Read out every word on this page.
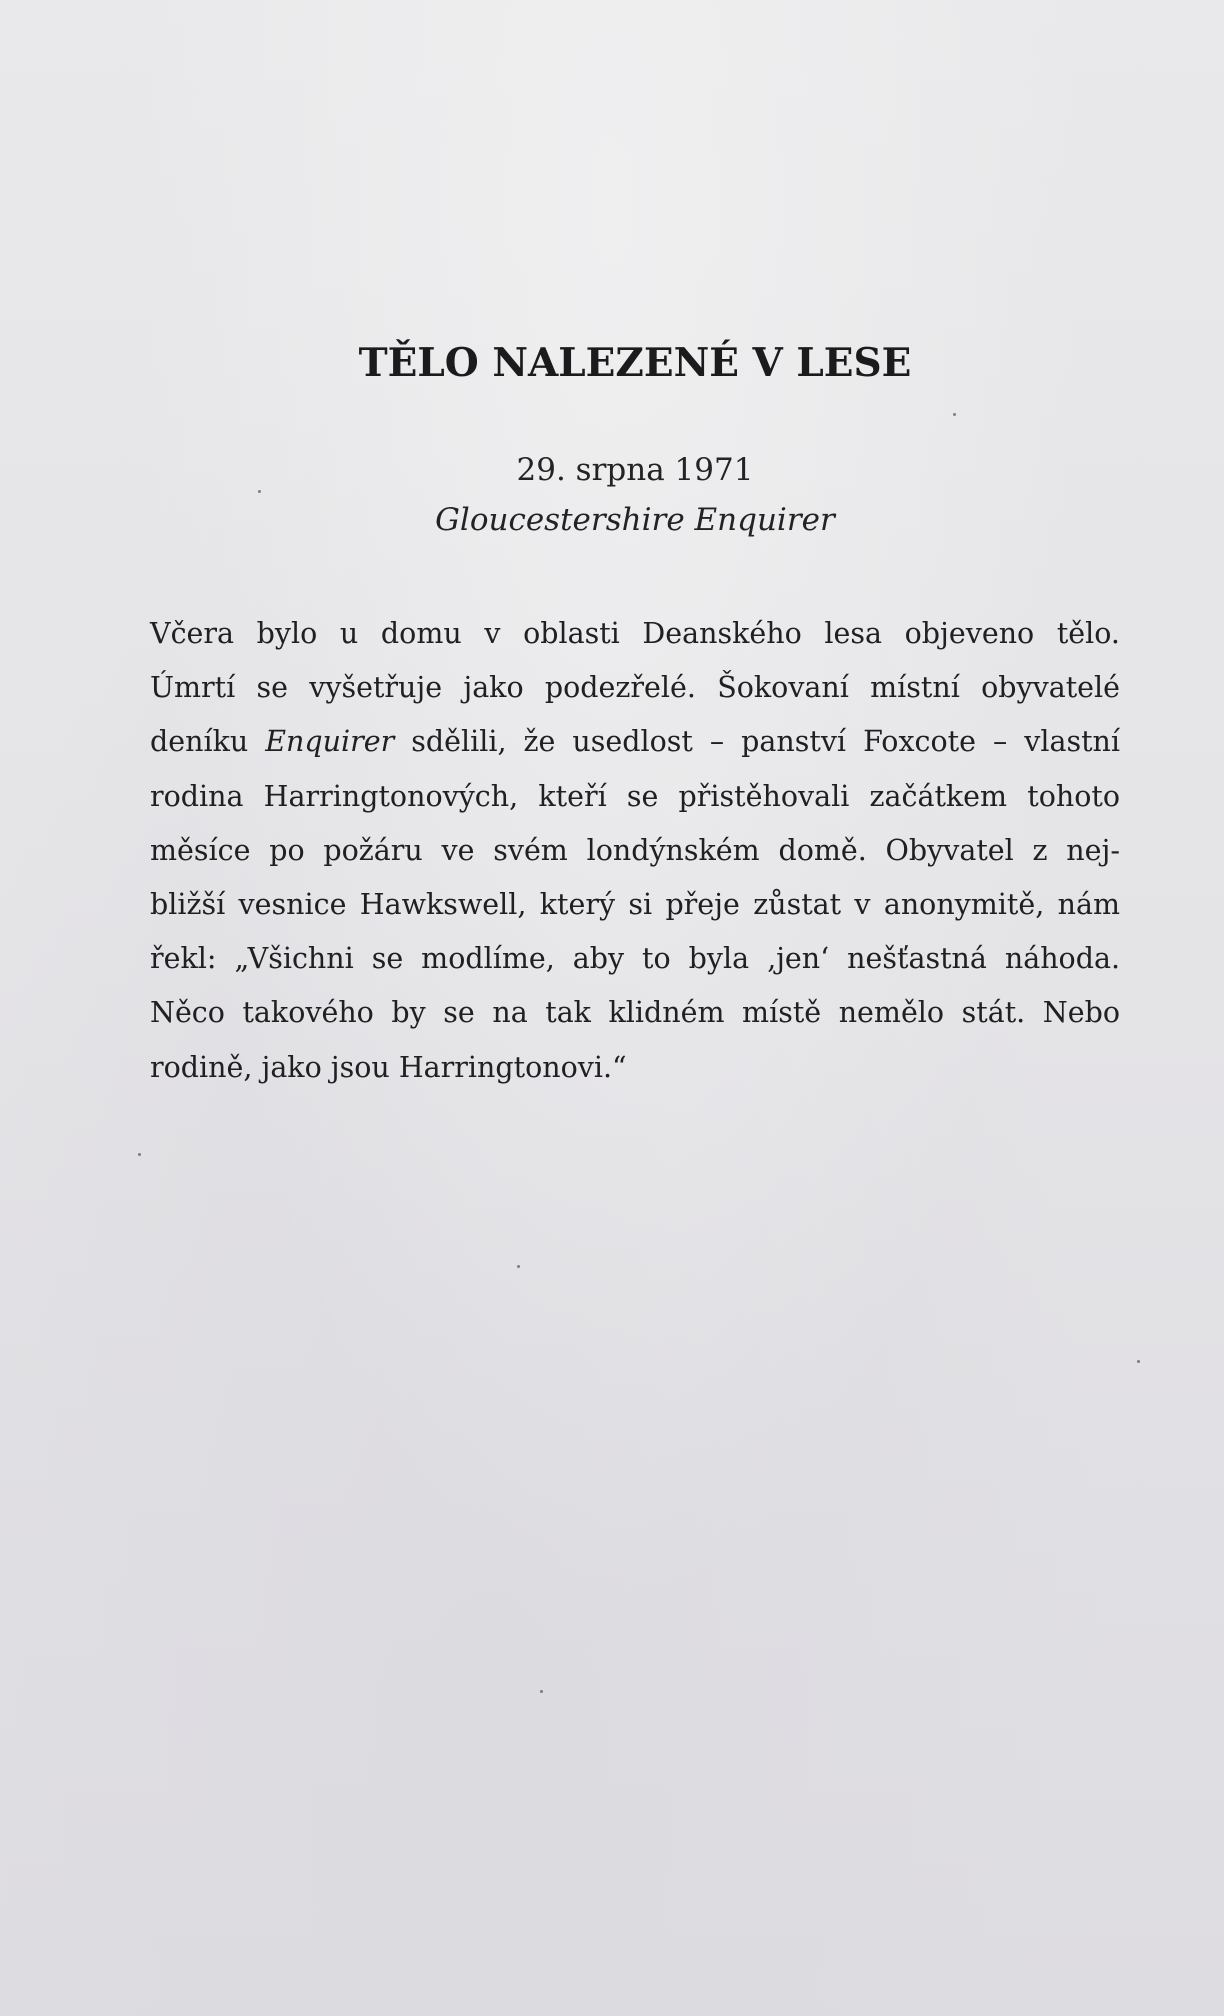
TĚLO NALEZENÉ V LESE
29. srpna 1971
Gloucestershire Enquirer
Včera bylo u domu v oblasti Deanského lesa objeveno tělo.
Úmrtí se vyšetřuje jako podezřelé. Šokovaní místní obyvatelé
deníku Enquirer sdělili, že usedlost – panství Foxcote – vlastní
rodina Harringtonových, kteří se přistěhovali začátkem tohoto
měsíce po požáru ve svém londýnském domě. Obyvatel z nej-
bližší vesnice Hawkswell, který si přeje zůstat v anonymitě, nám
řekl: „Všichni se modlíme, aby to byla ‚jen‘ nešťastná náhoda.
Něco takového by se na tak klidném místě nemělo stát. Nebo
rodině, jako jsou Harringtonovi.“
